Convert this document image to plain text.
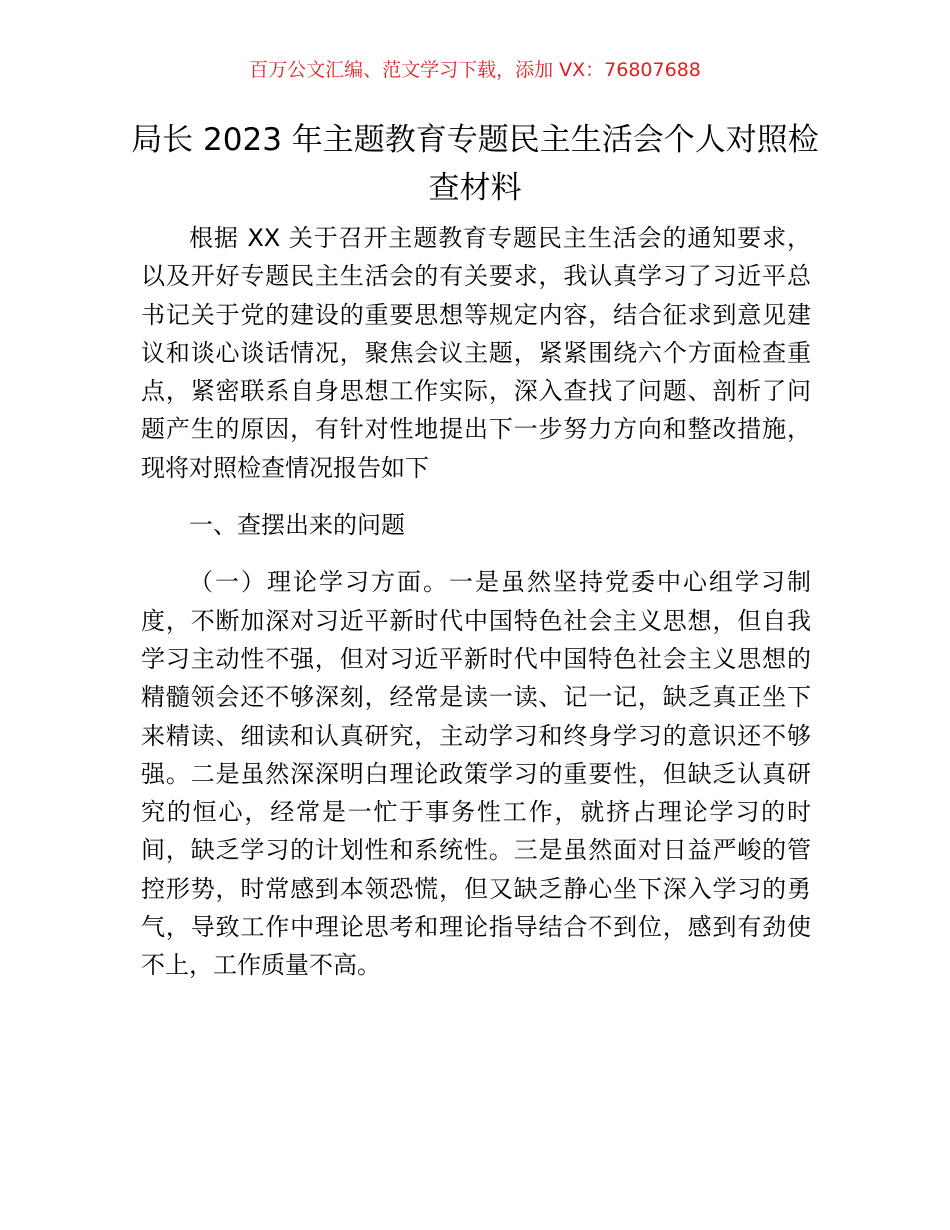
百万公文汇编、范文学习下载，添加 VX：76807688
局长 2023 年主题教育专题民主生活会个人对照检查材料

根据 XX 关于召开主题教育专题民主生活会的通知要求，以及开好专题民主生活会的有关要求，我认真学习了习近平总书记关于党的建设的重要思想等规定内容，结合征求到意见建议和谈心谈话情况，聚焦会议主题，紧紧围绕六个方面检查重点，紧密联系自身思想工作实际，深入查找了问题、剖析了问题产生的原因，有针对性地提出下一步努力方向和整改措施，现将对照检查情况报告如下

一、查摆出来的问题

（一）理论学习方面。一是虽然坚持党委中心组学习制度，不断加深对习近平新时代中国特色社会主义思想，但自我学习主动性不强，但对习近平新时代中国特色社会主义思想的精髓领会还不够深刻，经常是读一读、记一记，缺乏真正坐下来精读、细读和认真研究，主动学习和终身学习的意识还不够强。二是虽然深深明白理论政策学习的重要性，但缺乏认真研究的恒心，经常是一忙于事务性工作，就挤占理论学习的时间，缺乏学习的计划性和系统性。三是虽然面对日益严峻的管控形势，时常感到本领恐慌，但又缺乏静心坐下深入学习的勇气，导致工作中理论思考和理论指导结合不到位，感到有劲使不上，工作质量不高。
